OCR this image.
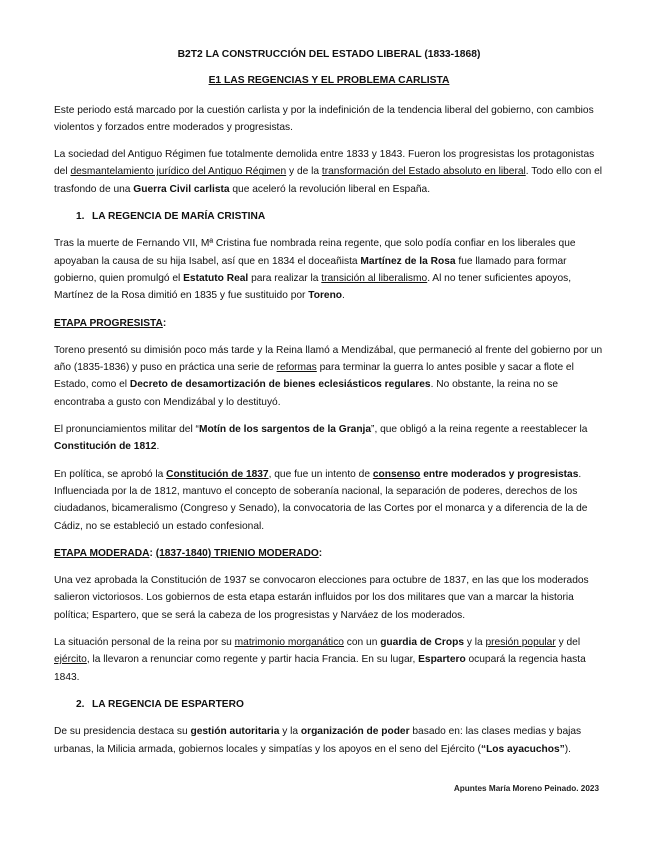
B2T2 LA CONSTRUCCIÓN DEL ESTADO LIBERAL (1833-1868)

E1 LAS REGENCIAS Y EL PROBLEMA CARLISTA

Este periodo está marcado por la cuestión carlista y por la indefinición de la tendencia liberal del gobierno, con cambios violentos y forzados entre moderados y progresistas.

La sociedad del Antiguo Régimen fue totalmente demolida entre 1833 y 1843. Fueron los progresistas los protagonistas del desmantelamiento jurídico del Antiguo Régimen y de la transformación del Estado absoluto en liberal. Todo ello con el trasfondo de una Guerra Civil carlista que aceleró la revolución liberal en España.

1. LA REGENCIA DE MARÍA CRISTINA

Tras la muerte de Fernando VII, Mª Cristina fue nombrada reina regente, que solo podía confiar en los liberales que apoyaban la causa de su hija Isabel, así que en 1834 el doceañista Martínez de la Rosa fue llamado para formar gobierno, quien promulgó el Estatuto Real para realizar la transición al liberalismo. Al no tener suficientes apoyos, Martínez de la Rosa dimitió en 1835 y fue sustituido por Toreno.

ETAPA PROGRESISTA:

Toreno presentó su dimisión poco más tarde y la Reina llamó a Mendizábal, que permaneció al frente del gobierno por un año (1835-1836) y puso en práctica una serie de reformas para terminar la guerra lo antes posible y sacar a flote el Estado, como el Decreto de desamortización de bienes eclesiásticos regulares. No obstante, la reina no se encontraba a gusto con Mendizábal y lo destituyó.

El pronunciamientos militar del “Motín de los sargentos de la Granja”, que obligó a la reina regente a reestablecer la Constitución de 1812.

En política, se aprobó la Constitución de 1837, que fue un intento de consenso entre moderados y progresistas. Influenciada por la de 1812, mantuvo el concepto de soberanía nacional, la separación de poderes, derechos de los ciudadanos, bicameralismo (Congreso y Senado), la convocatoria de las Cortes por el monarca y a diferencia de la de Cádiz, no se estableció un estado confesional.

ETAPA MODERADA: (1837-1840) TRIENIO MODERADO:

Una vez aprobada la Constitución de 1937 se convocaron elecciones para octubre de 1837, en las que los moderados salieron victoriosos. Los gobiernos de esta etapa estarán influidos por los dos militares que van a marcar la historia política; Espartero, que se será la cabeza de los progresistas y Narváez de los moderados.

La situación personal de la reina por su matrimonio morganático con un guardia de Crops y la presión popular y del ejército, la llevaron a renunciar como regente y partir hacia Francia. En su lugar, Espartero ocupará la regencia hasta 1843.

2. LA REGENCIA DE ESPARTERO

De su presidencia destaca su gestión autoritaria y la organización de poder basado en: las clases medias y bajas urbanas, la Milicia armada, gobiernos locales y simpatías y los apoyos en el seno del Ejército (“Los ayacuchos”).

Apuntes María Moreno Peinado. 2023
